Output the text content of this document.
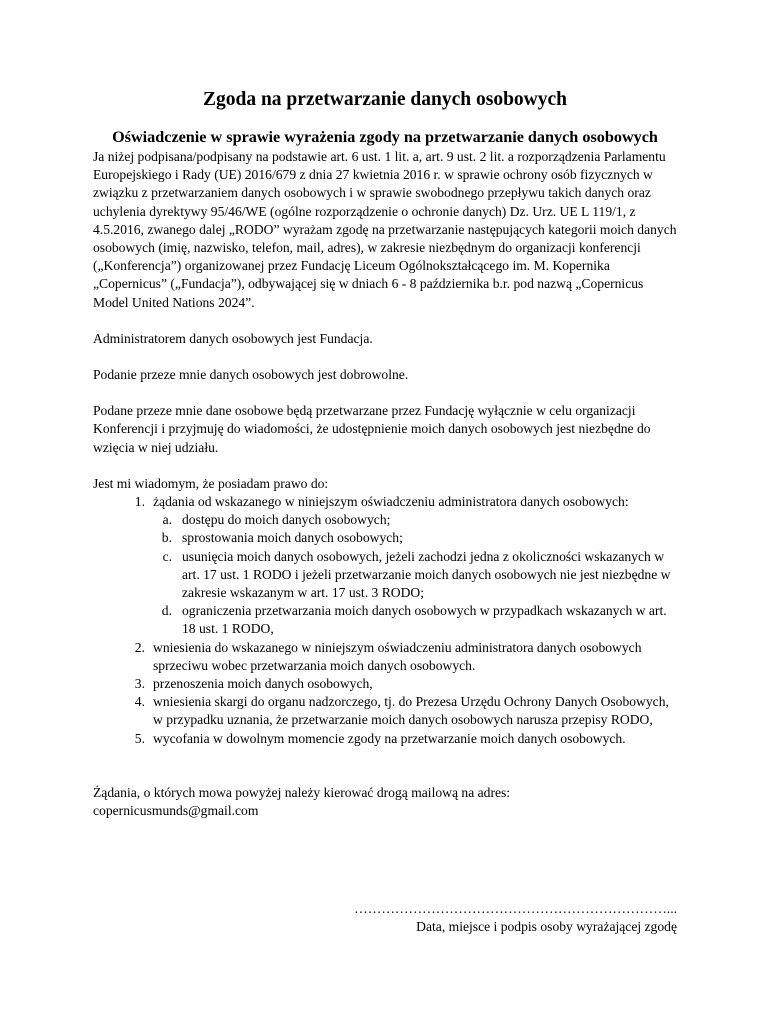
Zgoda na przetwarzanie danych osobowych
Oświadczenie w sprawie wyrażenia zgody na przetwarzanie danych osobowych

Ja niżej podpisana/podpisany na podstawie art. 6 ust. 1 lit. a, art. 9 ust. 2 lit. a rozporządzenia Parlamentu Europejskiego i Rady (UE) 2016/679 z dnia 27 kwietnia 2016 r. w sprawie ochrony osób fizycznych w związku z przetwarzaniem danych osobowych i w sprawie swobodnego przepływu takich danych oraz uchylenia dyrektywy 95/46/WE (ogólne rozporządzenie o ochronie danych) Dz. Urz. UE L 119/1, z 4.5.2016, zwanego dalej „RODO” wyrażam zgodę na przetwarzanie następujących kategorii moich danych osobowych (imię, nazwisko, telefon, mail, adres), w zakresie niezbędnym do organizacji konferencji („Konferencja”) organizowanej przez Fundację Liceum Ogólnokształcącego im. M. Kopernika „Copernicus” („Fundacja”), odbywającej się w dniach 6 - 8 października b.r. pod nazwą „Copernicus Model United Nations 2024”.

Administratorem danych osobowych jest Fundacja.

Podanie przeze mnie danych osobowych jest dobrowolne.

Podane przeze mnie dane osobowe będą przetwarzane przez Fundację wyłącznie w celu organizacji Konferencji i przyjmuję do wiadomości, że udostępnienie moich danych osobowych jest niezbędne do wzięcia w niej udziału.

Jest mi wiadomym, że posiadam prawo do:

1. żądania od wskazanego w niniejszym oświadczeniu administratora danych osobowych:
a. dostępu do moich danych osobowych;
b. sprostowania moich danych osobowych;
c. usunięcia moich danych osobowych, jeżeli zachodzi jedna z okoliczności wskazanych w art. 17 ust. 1 RODO i jeżeli przetwarzanie moich danych osobowych nie jest niezbędne w zakresie wskazanym w art. 17 ust. 3 RODO;
d. ograniczenia przetwarzania moich danych osobowych w przypadkach wskazanych w art. 18 ust. 1 RODO,
2. wniesienia do wskazanego w niniejszym oświadczeniu administratora danych osobowych sprzeciwu wobec przetwarzania moich danych osobowych.
3. przenoszenia moich danych osobowych,
4. wniesienia skargi do organu nadzorczego, tj. do Prezesa Urzędu Ochrony Danych Osobowych, w przypadku uznania, że przetwarzanie moich danych osobowych narusza przepisy RODO,
5. wycofania w dowolnym momencie zgody na przetwarzanie moich danych osobowych.

Żądania, o których mowa powyżej należy kierować drogą mailową na adres:

copernicusmunds@gmail.com

……………………………………………………………...
Data, miejsce i podpis osoby wyrażającej zgodę
